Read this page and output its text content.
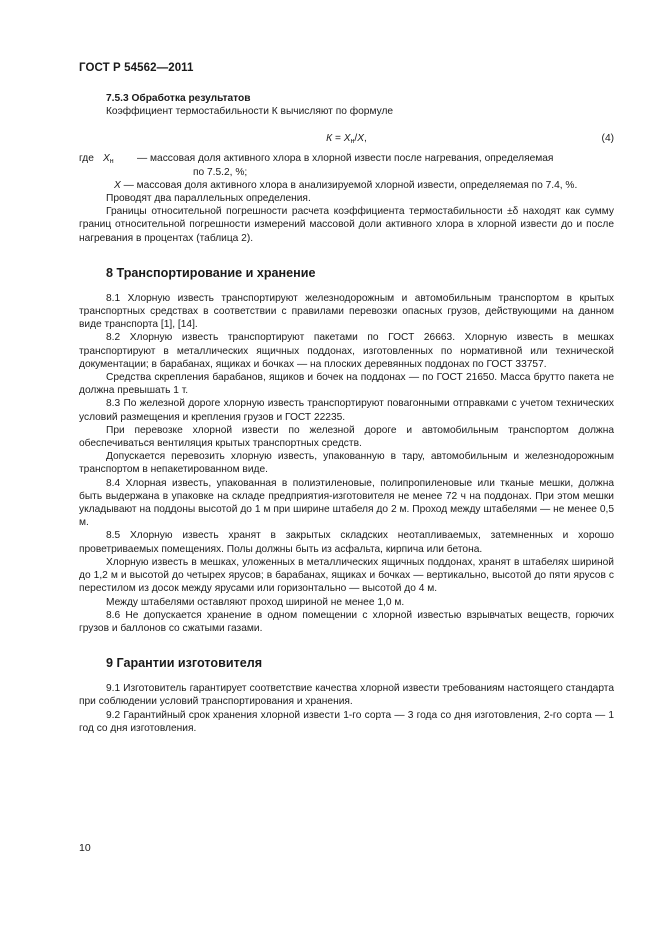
ГОСТ Р 54562—2011

7.5.3 Обработка результатов

Коэффициент термостабильности К вычисляют по формуле

$К = X_н/X$,	(4)
где $X_н$	— массовая доля активного хлора в хлорной извести после нагревания, определяемая

по 7.5.2, %;

X — массовая доля активного хлора в анализируемой хлорной извести, определяемая по 7.4, %.

Проводят два параллельных определения.

Границы относительной погрешности расчета коэффициента термостабильности ±δ находят как сумму границ относительной погрешности измерений массовой доли активного хлора в хлорной извести до и после нагревания в процентах (таблица 2).

8 Транспортирование и хранение

8.1 Хлорную известь транспортируют железнодорожным и автомобильным транспортом в крытых транспортных средствах в соответствии с правилами перевозки опасных грузов, действующими на данном виде транспорта [1], [14].

8.2 Хлорную известь транспортируют пакетами по ГОСТ 26663. Хлорную известь в мешках транспортируют в металлических ящичных поддонах, изготовленных по нормативной или технической документации; в барабанах, ящиках и бочках — на плоских деревянных поддонах по ГОСТ 33757.

Средства скрепления барабанов, ящиков и бочек на поддонах — по ГОСТ 21650. Масса брутто пакета не должна превышать 1 т.

8.3 По железной дороге хлорную известь транспортируют повагонными отправками с учетом технических условий размещения и крепления грузов и ГОСТ 22235.

При перевозке хлорной извести по железной дороге и автомобильным транспортом должна обеспечиваться вентиляция крытых транспортных средств.

Допускается перевозить хлорную известь, упакованную в тару, автомобильным и железнодорожным транспортом в непакетированном виде.

8.4 Хлорная известь, упакованная в полиэтиленовые, полипропиленовые или тканые мешки, должна быть выдержана в упаковке на складе предприятия-изготовителя не менее 72 ч на поддонах. При этом мешки укладывают на поддоны высотой до 1 м при ширине штабеля до 2 м. Проход между штабелями — не менее 0,5 м.

8.5 Хлорную известь хранят в закрытых складских неотапливаемых, затемненных и хорошо проветриваемых помещениях. Полы должны быть из асфальта, кирпича или бетона.

Хлорную известь в мешках, уложенных в металлических ящичных поддонах, хранят в штабелях шириной до 1,2 м и высотой до четырех ярусов; в барабанах, ящиках и бочках — вертикально, высотой до пяти ярусов с перестилом из досок между ярусами или горизонтально — высотой до 4 м.

Между штабелями оставляют проход шириной не менее 1,0 м.

8.6 Не допускается хранение в одном помещении с хлорной известью взрывчатых веществ, горючих грузов и баллонов со сжатыми газами.

9 Гарантии изготовителя

9.1 Изготовитель гарантирует соответствие качества хлорной извести требованиям настоящего стандарта при соблюдении условий транспортирования и хранения.

9.2 Гарантийный срок хранения хлорной извести 1-го сорта — 3 года со дня изготовления, 2-го сорта — 1 год со дня изготовления.

10
